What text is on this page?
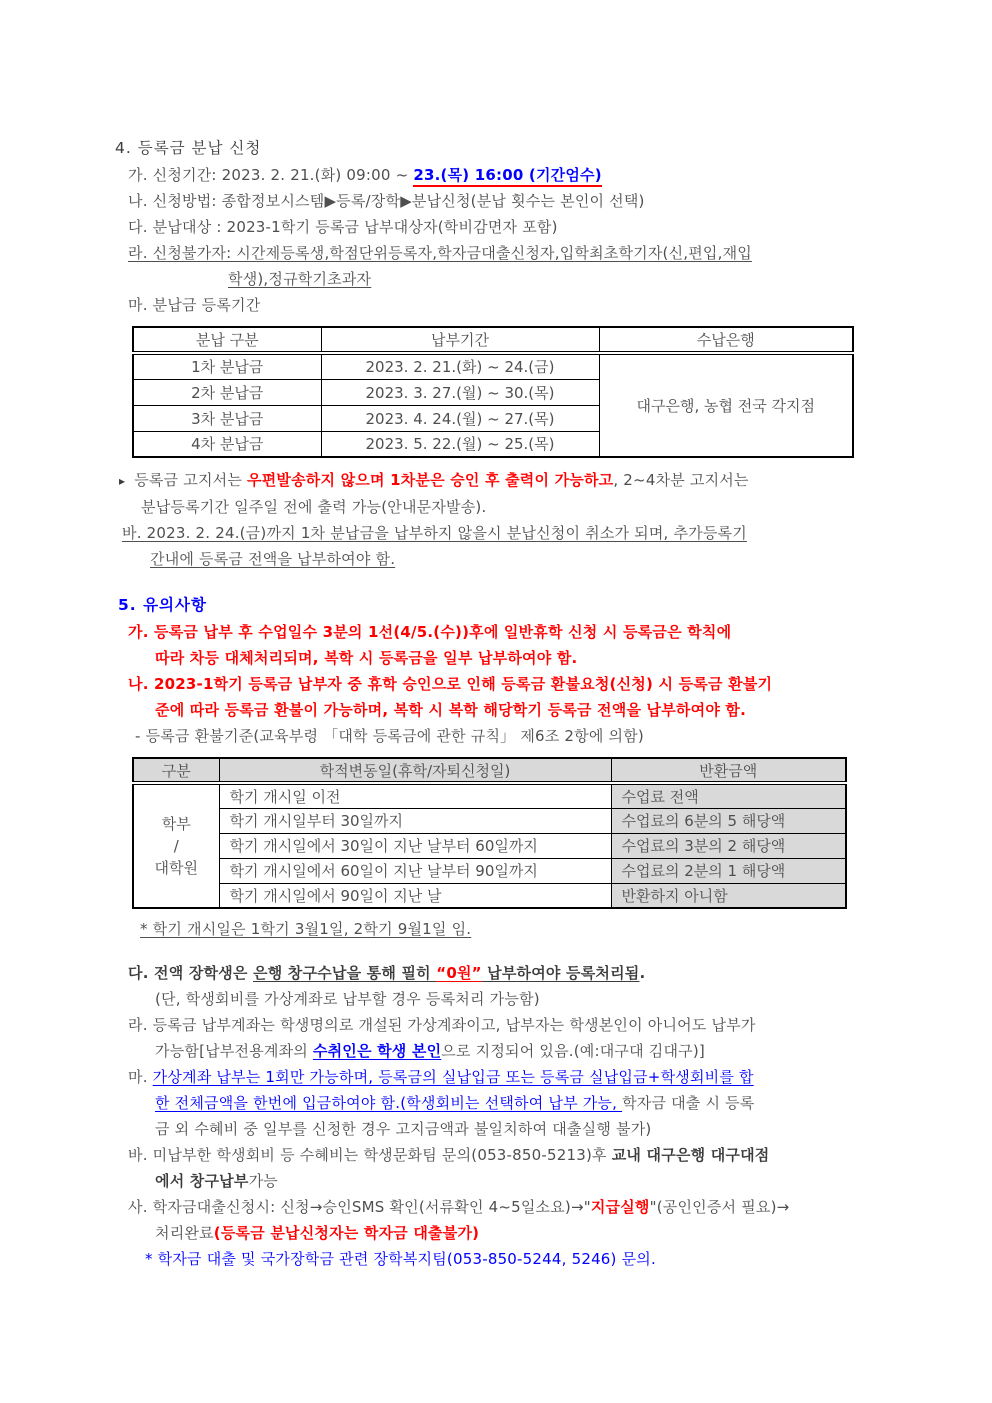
4. 등록금 분납 신청
가. 신청기간: 2023. 2. 21.(화) 09:00 ~ 23.(목) 16:00 (기간엄수)
나. 신청방법: 종합정보시스템▶등록/장학▶분납신청(분납 횟수는 본인이 선택)
다. 분납대상 : 2023-1학기 등록금 납부대상자(학비감면자 포함)
라. 신청불가자: 시간제등록생,학점단위등록자,학자금대출신청자,입학최초학기자(신,편입,재입
학생),정규학기초과자
마. 분납금 등록기간
분납 구분	납부기간	수납은행
1차 분납금	2023. 2. 21.(화) ~ 24.(금)	대구은행, 농협 전국 각지점
2차 분납금	2023. 3. 27.(월) ~ 30.(목)	
3차 분납금	2023. 4. 24.(월) ~ 27.(목)	
4차 분납금	2023. 5. 22.(월) ~ 25.(목)	
▸ 등록금 고지서는 우편발송하지 않으며 1차분은 승인 후 출력이 가능하고, 2~4차분 고지서는
분납등록기간 일주일 전에 출력 가능(안내문자발송).
바. 2023. 2. 24.(금)까지 1차 분납금을 납부하지 않을시 분납신청이 취소가 되며, 추가등록기
간내에 등록금 전액을 납부하여야 함.
5. 유의사항
가. 등록금 납부 후 수업일수 3분의 1선(4/5.(수))후에 일반휴학 신청 시 등록금은 학칙에
따라 차등 대체처리되며, 복학 시 등록금을 일부 납부하여야 함.
나. 2023-1학기 등록금 납부자 중 휴학 승인으로 인해 등록금 환불요청(신청) 시 등록금 환불기
준에 따라 등록금 환불이 가능하며, 복학 시 복학 해당학기 등록금 전액을 납부하여야 함.
- 등록금 환불기준(교육부령 「대학 등록금에 관한 규칙」 제6조 2항에 의함)
구분	학적변동일(휴학/자퇴신청일)	반환금액

학부
/
대학원	학기 개시일 이전	수업료 전액
	학기 개시일부터 30일까지	수업료의 6분의 5 해당액
	학기 개시일에서 30일이 지난 날부터 60일까지	수업료의 3분의 2 해당액
	학기 개시일에서 60일이 지난 날부터 90일까지	수업료의 2분의 1 해당액
	학기 개시일에서 90일이 지난 날	반환하지 아니함
* 학기 개시일은 1학기 3월1일, 2학기 9월1일 임.
다. 전액 장학생은 은행 창구수납을 통해 필히 “0원” 납부하여야 등록처리됨.
(단, 학생회비를 가상계좌로 납부할 경우 등록처리 가능함)
라. 등록금 납부계좌는 학생명의로 개설된 가상계좌이고, 납부자는 학생본인이 아니어도 납부가
가능함[납부전용계좌의 수취인은 학생 본인으로 지정되어 있음.(예:대구대 김대구)]
마. 가상계좌 납부는 1회만 가능하며, 등록금의 실납입금 또는 등록금 실납입금+학생회비를 합
한 전체금액을 한번에 입금하여야 함.(학생회비는 선택하여 납부 가능, 학자금 대출 시 등록
금 외 수혜비 중 일부를 신청한 경우 고지금액과 불일치하여 대출실행 불가)
바. 미납부한 학생회비 등 수혜비는 학생문화팀 문의(053-850-5213)후 교내 대구은행 대구대점
에서 창구납부가능
사. 학자금대출신청시: 신청→승인SMS 확인(서류확인 4~5일소요)→"지급실행"(공인인증서 필요)→
처리완료(등록금 분납신청자는 학자금 대출불가)
* 학자금 대출 및 국가장학금 관련 장학복지팀(053-850-5244, 5246) 문의.
